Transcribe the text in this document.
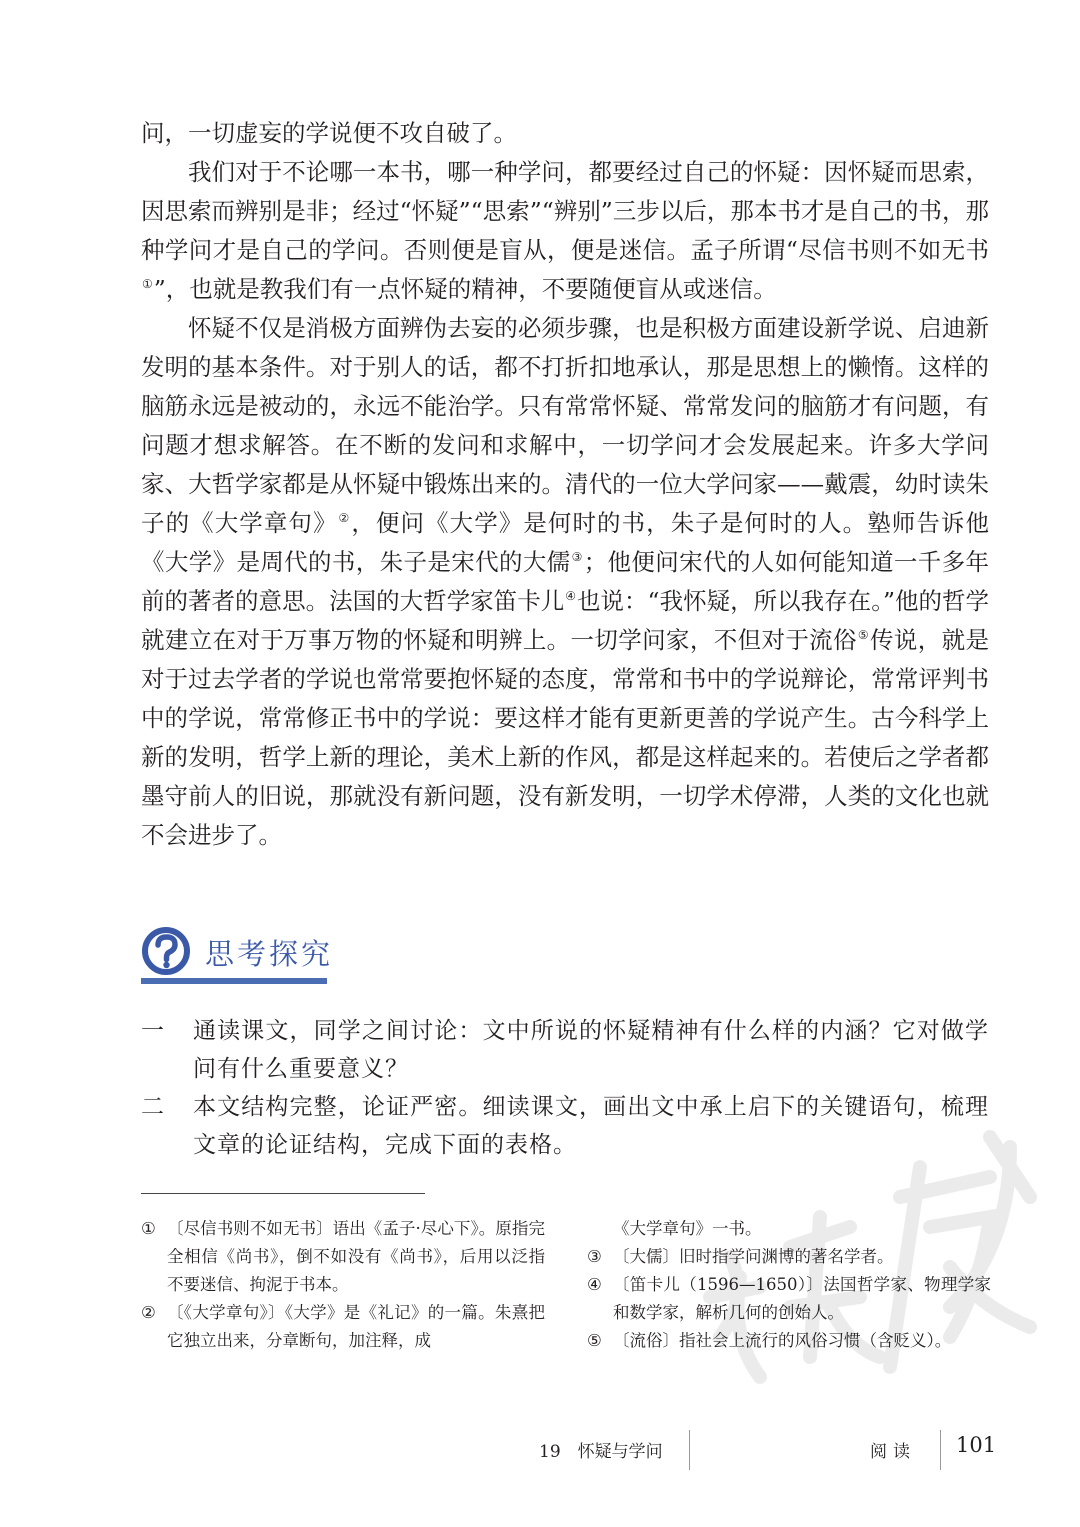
问，一切虚妄的学说便不攻自破了。

我们对于不论哪一本书，哪一种学问，都要经过自己的怀疑：因怀疑而思索，因思索而辨别是非；经过“怀疑”“思索”“辨别”三步以后，那本书才是自己的书，那种学问才是自己的学问。否则便是盲从，便是迷信。孟子所谓“尽信书则不如无书①”，也就是教我们有一点怀疑的精神，不要随便盲从或迷信。

怀疑不仅是消极方面辨伪去妄的必须步骤，也是积极方面建设新学说、启迪新发明的基本条件。对于别人的话，都不打折扣地承认，那是思想上的懒惰。这样的脑筋永远是被动的，永远不能治学。只有常常怀疑、常常发问的脑筋才有问题，有问题才想求解答。在不断的发问和求解中，一切学问才会发展起来。许多大学问家、大哲学家都是从怀疑中锻炼出来的。清代的一位大学问家——戴震，幼时读朱子的《大学章句》②，便问《大学》是何时的书，朱子是何时的人。塾师告诉他《大学》是周代的书，朱子是宋代的大儒③；他便问宋代的人如何能知道一千多年前的著者的意思。法国的大哲学家笛卡儿④也说：“我怀疑，所以我存在。”他的哲学就建立在对于万事万物的怀疑和明辨上。一切学问家，不但对于流俗⑤传说，就是对于过去学者的学说也常常要抱怀疑的态度，常常和书中的学说辩论，常常评判书中的学说，常常修正书中的学说：要这样才能有更新更善的学说产生。古今科学上新的发明，哲学上新的理论，美术上新的作风，都是这样起来的。若使后之学者都墨守前人的旧说，那就没有新问题，没有新发明，一切学术停滞，人类的文化也就不会进步了。

思考探究
一	通读课文，同学之间讨论：文中所说的怀疑精神有什么样的内涵？它对做学问有什么重要意义？
二	本文结构完整，论证严密。细读课文，画出文中承上启下的关键语句，梳理文章的论证结构，完成下面的表格。
① 〔尽信书则不如无书〕语出《孟子·尽心下》。原指完全相信《尚书》，倒不如没有《尚书》，后用以泛指不要迷信、拘泥于书本。
② 〔《大学章句》〕《大学》是《礼记》的一篇。朱熹把它独立出来，分章断句，加注释，成
《大学章句》一书。
③ 〔大儒〕旧时指学问渊博的著名学者。
④ 〔笛卡儿（1596—1650）〕法国哲学家、物理学家和数学家，解析几何的创始人。
⑤ 〔流俗〕指社会上流行的风俗习惯（含贬义）。
19　怀疑与学问	阅读 101
